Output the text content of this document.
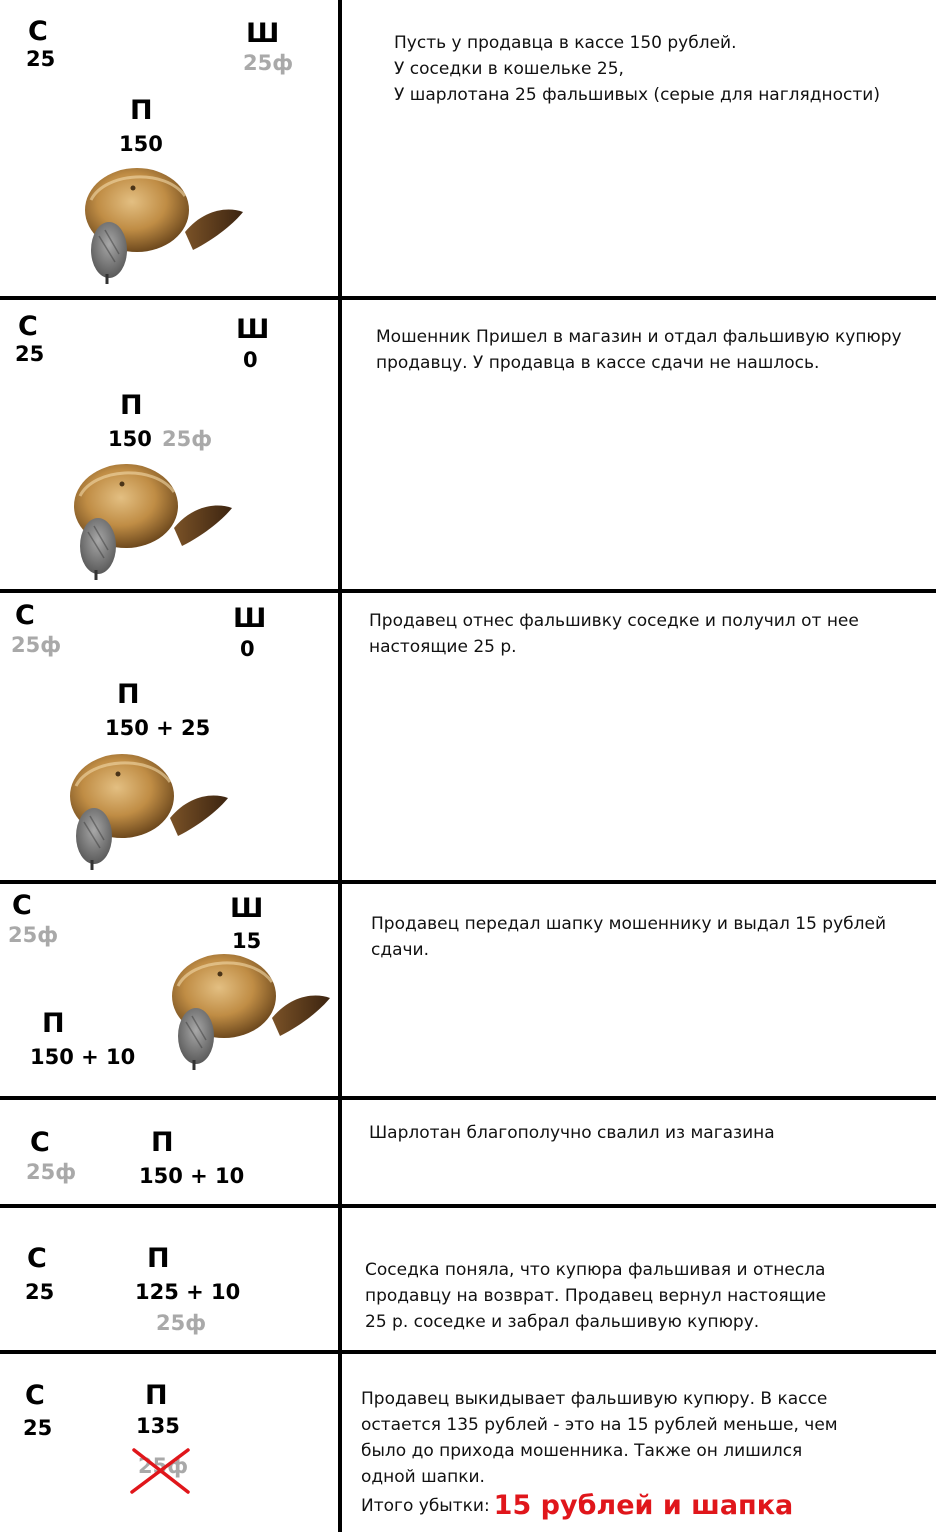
С
25
Ш
25ф
П
150
Пусть у продавца в кассе 150 рублей.
У соседки в кошельке 25,
У шарлотана 25 фальшивых (серые для наглядности)
С
25
Ш
0
П
150 25ф
Мошенник Пришел в магазин и отдал фальшивую купюру
продавцу. У продавца в кассе сдачи не нашлось.
С
25ф
Ш
0
П
150 + 25
Продавец отнес фальшивку соседке и получил от нее
настоящие 25 р.
С
25ф
Ш
15
П
150 + 10
Продавец передал шапку мошеннику и выдал 15 рублей
сдачи.
С
25ф
П
150 + 10
Шарлотан благополучно свалил из магазина
С
25
П
125 + 10
25ф
Соседка поняла, что купюра фальшивая и отнесла
продавцу на возврат. Продавец вернул настоящие
25 р. соседке и забрал фальшивую купюру.
С
25
П
135
25ф
Продавец выкидывает фальшивую купюру. В кассе
остается 135 рублей - это на 15 рублей меньше, чем
было до прихода мошенника. Также он лишился
одной шапки.
Итого убытки: 15 рублей и шапка
